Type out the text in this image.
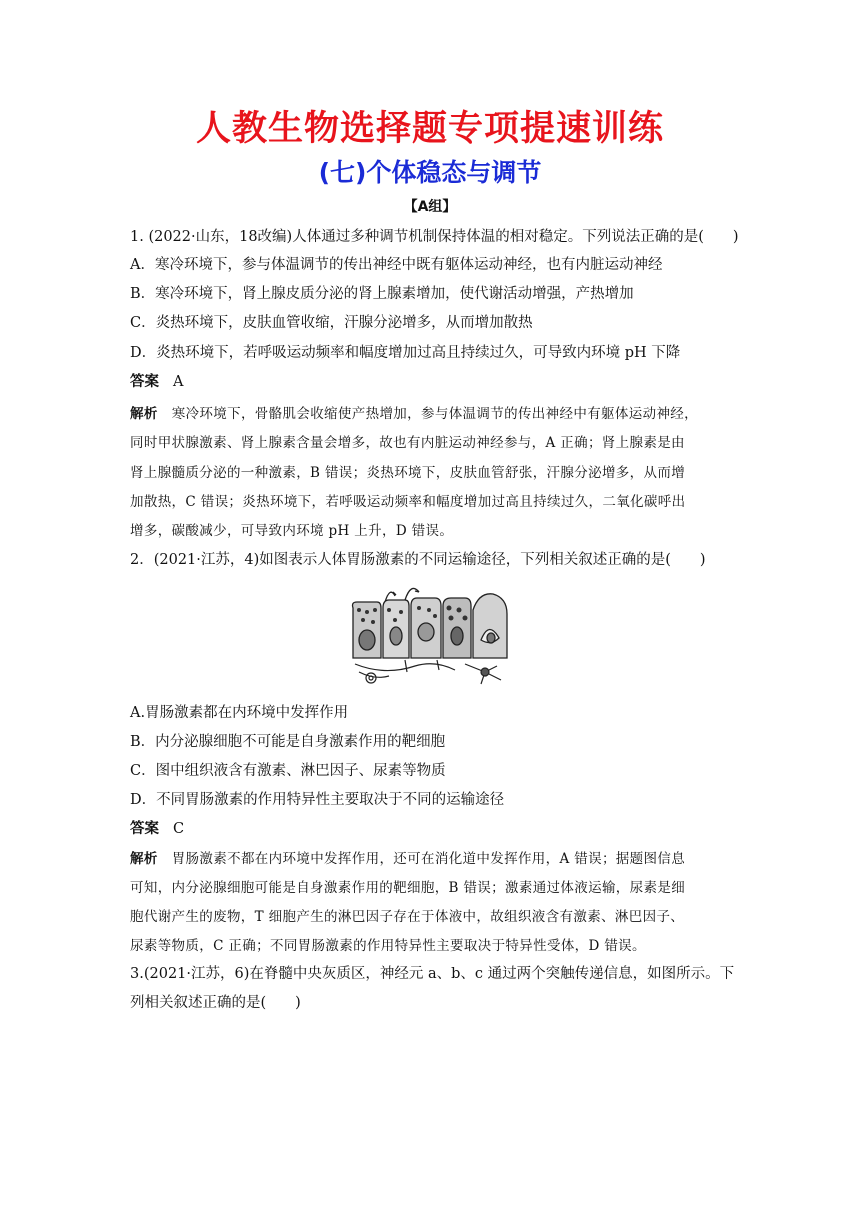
人教生物选择题专项提速训练
(七)个体稳态与调节
【A组】
1. (2022·山东，18改编)人体通过多种调节机制保持体温的相对稳定。下列说法正确的是(　　)
A．寒冷环境下，参与体温调节的传出神经中既有躯体运动神经，也有内脏运动神经
B．寒冷环境下，肾上腺皮质分泌的肾上腺素增加，使代谢活动增强，产热增加
C．炎热环境下，皮肤血管收缩，汗腺分泌增多，从而增加散热
D．炎热环境下，若呼吸运动频率和幅度增加过高且持续过久，可导致内环境 pH 下降
答案 A
解析 寒冷环境下，骨骼肌会收缩使产热增加，参与体温调节的传出神经中有躯体运动神经，
同时甲状腺激素、肾上腺素含量会增多，故也有内脏运动神经参与，A 正确；肾上腺素是由
肾上腺髓质分泌的一种激素，B 错误；炎热环境下，皮肤血管舒张，汗腺分泌增多，从而增
加散热，C 错误；炎热环境下，若呼吸运动频率和幅度增加过高且持续过久，二氧化碳呼出
增多，碳酸减少，可导致内环境 pH 上升，D 错误。
2．(2021·江苏，4)如图表示人体胃肠激素的不同运输途径，下列相关叙述正确的是(　　)
A.胃肠激素都在内环境中发挥作用
B．内分泌腺细胞不可能是自身激素作用的靶细胞
C．图中组织液含有激素、淋巴因子、尿素等物质
D．不同胃肠激素的作用特异性主要取决于不同的运输途径
答案 C
解析 胃肠激素不都在内环境中发挥作用，还可在消化道中发挥作用，A 错误；据题图信息
可知，内分泌腺细胞可能是自身激素作用的靶细胞，B 错误；激素通过体液运输，尿素是细
胞代谢产生的废物，T 细胞产生的淋巴因子存在于体液中，故组织液含有激素、淋巴因子、
尿素等物质，C 正确；不同胃肠激素的作用特异性主要取决于特异性受体，D 错误。
3.(2021·江苏，6)在脊髓中央灰质区，神经元 a、b、c 通过两个突触传递信息，如图所示。下
列相关叙述正确的是(　　)
